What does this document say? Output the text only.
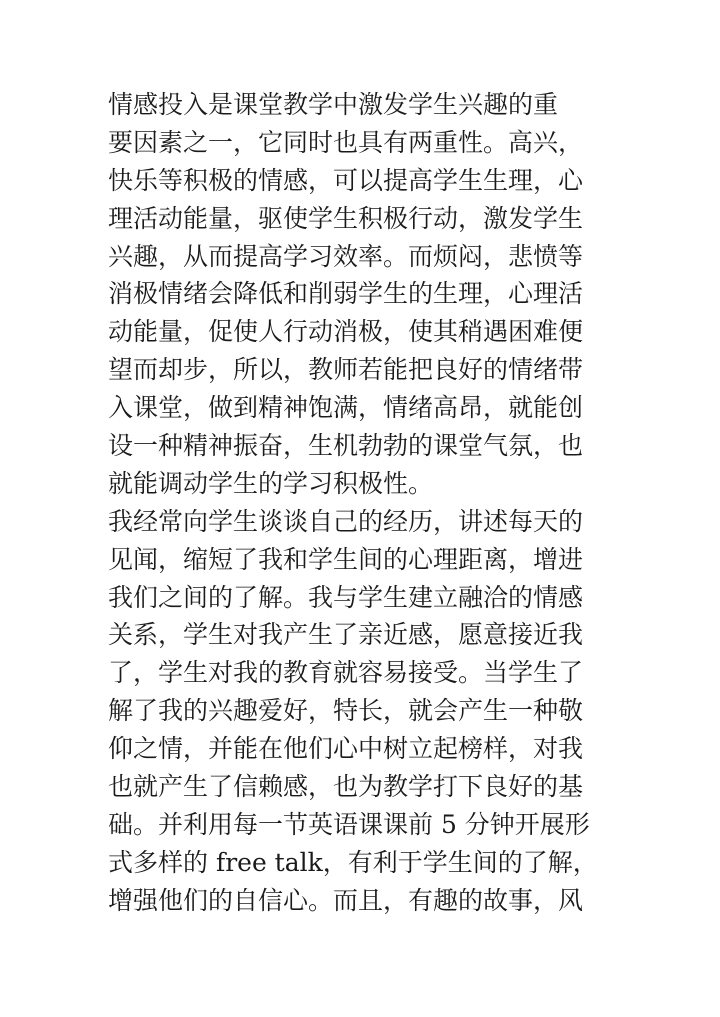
情感投入是课堂教学中激发学生兴趣的重
要因素之一，它同时也具有两重性。高兴，
快乐等积极的情感，可以提高学生生理，心
理活动能量，驱使学生积极行动，激发学生
兴趣，从而提高学习效率。而烦闷，悲愤等
消极情绪会降低和削弱学生的生理，心理活
动能量，促使人行动消极，使其稍遇困难便
望而却步，所以，教师若能把良好的情绪带
入课堂，做到精神饱满，情绪高昂，就能创
设一种精神振奋，生机勃勃的课堂气氛，也
就能调动学生的学习积极性。
我经常向学生谈谈自己的经历，讲述每天的
见闻，缩短了我和学生间的心理距离，增进
我们之间的了解。我与学生建立融洽的情感
关系，学生对我产生了亲近感，愿意接近我
了，学生对我的教育就容易接受。当学生了
解了我的兴趣爱好，特长，就会产生一种敬
仰之情，并能在他们心中树立起榜样，对我
也就产生了信赖感，也为教学打下良好的基
础。并利用每一节英语课课前 5 分钟开展形
式多样的 free talk，有利于学生间的了解，
增强他们的自信心。而且，有趣的故事，风
